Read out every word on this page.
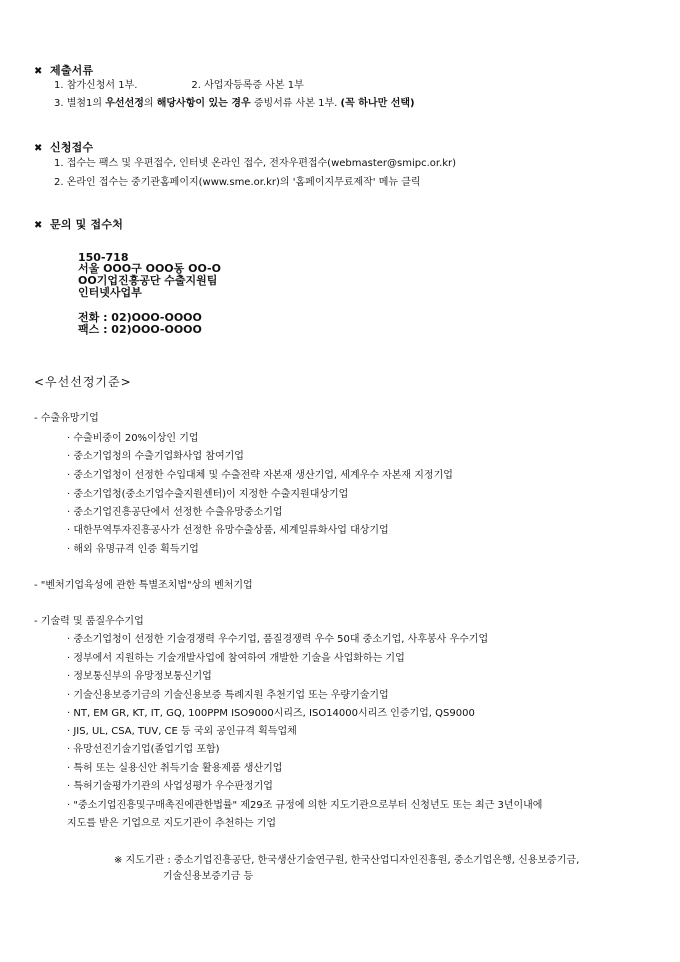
✖ 제출서류
1. 참가신청서 1부.	2. 사업자등록증 사본 1부
3. 별첨1의 우선선정의 해당사항이 있는 경우 증빙서류 사본 1부. (꼭 하나만 선택)
✖ 신청접수
1. 접수는 팩스 및 우편접수, 인터넷 온라인 접수, 전자우편접수(webmaster@smipc.or.kr)
2. 온라인 접수는 중기관홈페이지(www.sme.or.kr)의 '홈페이지무료제작' 메뉴 클릭
✖ 문의 및 접수처
150-718
서울 OOO구 OOO동 OO-O
OO기업진흥공단 수출지원팀
인터넷사업부
전화 : 02)OOO-OOOO
팩스 : 02)OOO-OOOO
<우선선정기준>
- 수출유망기업
· 수출비중이 20%이상인 기업
· 중소기업청의 수출기업화사업 참여기업
· 중소기업청이 선정한 수입대체 및 수출전략 자본재 생산기업, 세계우수 자본재 지정기업
· 중소기업청(중소기업수출지원센터)이 지정한 수출지원대상기업
· 중소기업진흥공단에서 선정한 수출유망중소기업
· 대한무역투자진흥공사가 선정한 유망수출상품, 세계일류화사업 대상기업
· 해외 유명규격 인증 획득기업
- "벤처기업육성에 관한 특별조치법"상의 벤처기업
- 기술력 및 품질우수기업
· 중소기업청이 선정한 기술경쟁력 우수기업, 품질경쟁력 우수 50대 중소기업, 사후봉사 우수기업
· 정부에서 지원하는 기술개발사업에 참여하여 개발한 기술을 사업화하는 기업
· 정보통신부의 유망정보통신기업
· 기술신용보증기금의 기술신용보증 특례지원 추천기업 또는 우량기술기업
· NT, EM GR, KT, IT, GQ, 100PPM ISO9000시리즈, ISO14000시리즈 인증기업, QS9000
· JIS, UL, CSA, TUV, CE 등 국외 공인규격 획득업체
· 유망선진기술기업(졸업기업 포함)
· 특허 또는 실용신안 취득기술 활용제품 생산기업
· 특허기술평가기관의 사업성평가 우수판정기업
· "중소기업진흥및구매촉진에관한법률" 제29조 규정에 의한 지도기관으로부터 신청년도 또는 최근 3년이내에
지도를 받은 기업으로 지도기관이 추천하는 기업
※ 지도기관 : 중소기업진흥공단, 한국생산기술연구원, 한국산업디자인진흥원, 중소기업은행, 신용보증기금,
기술신용보증기금 등
